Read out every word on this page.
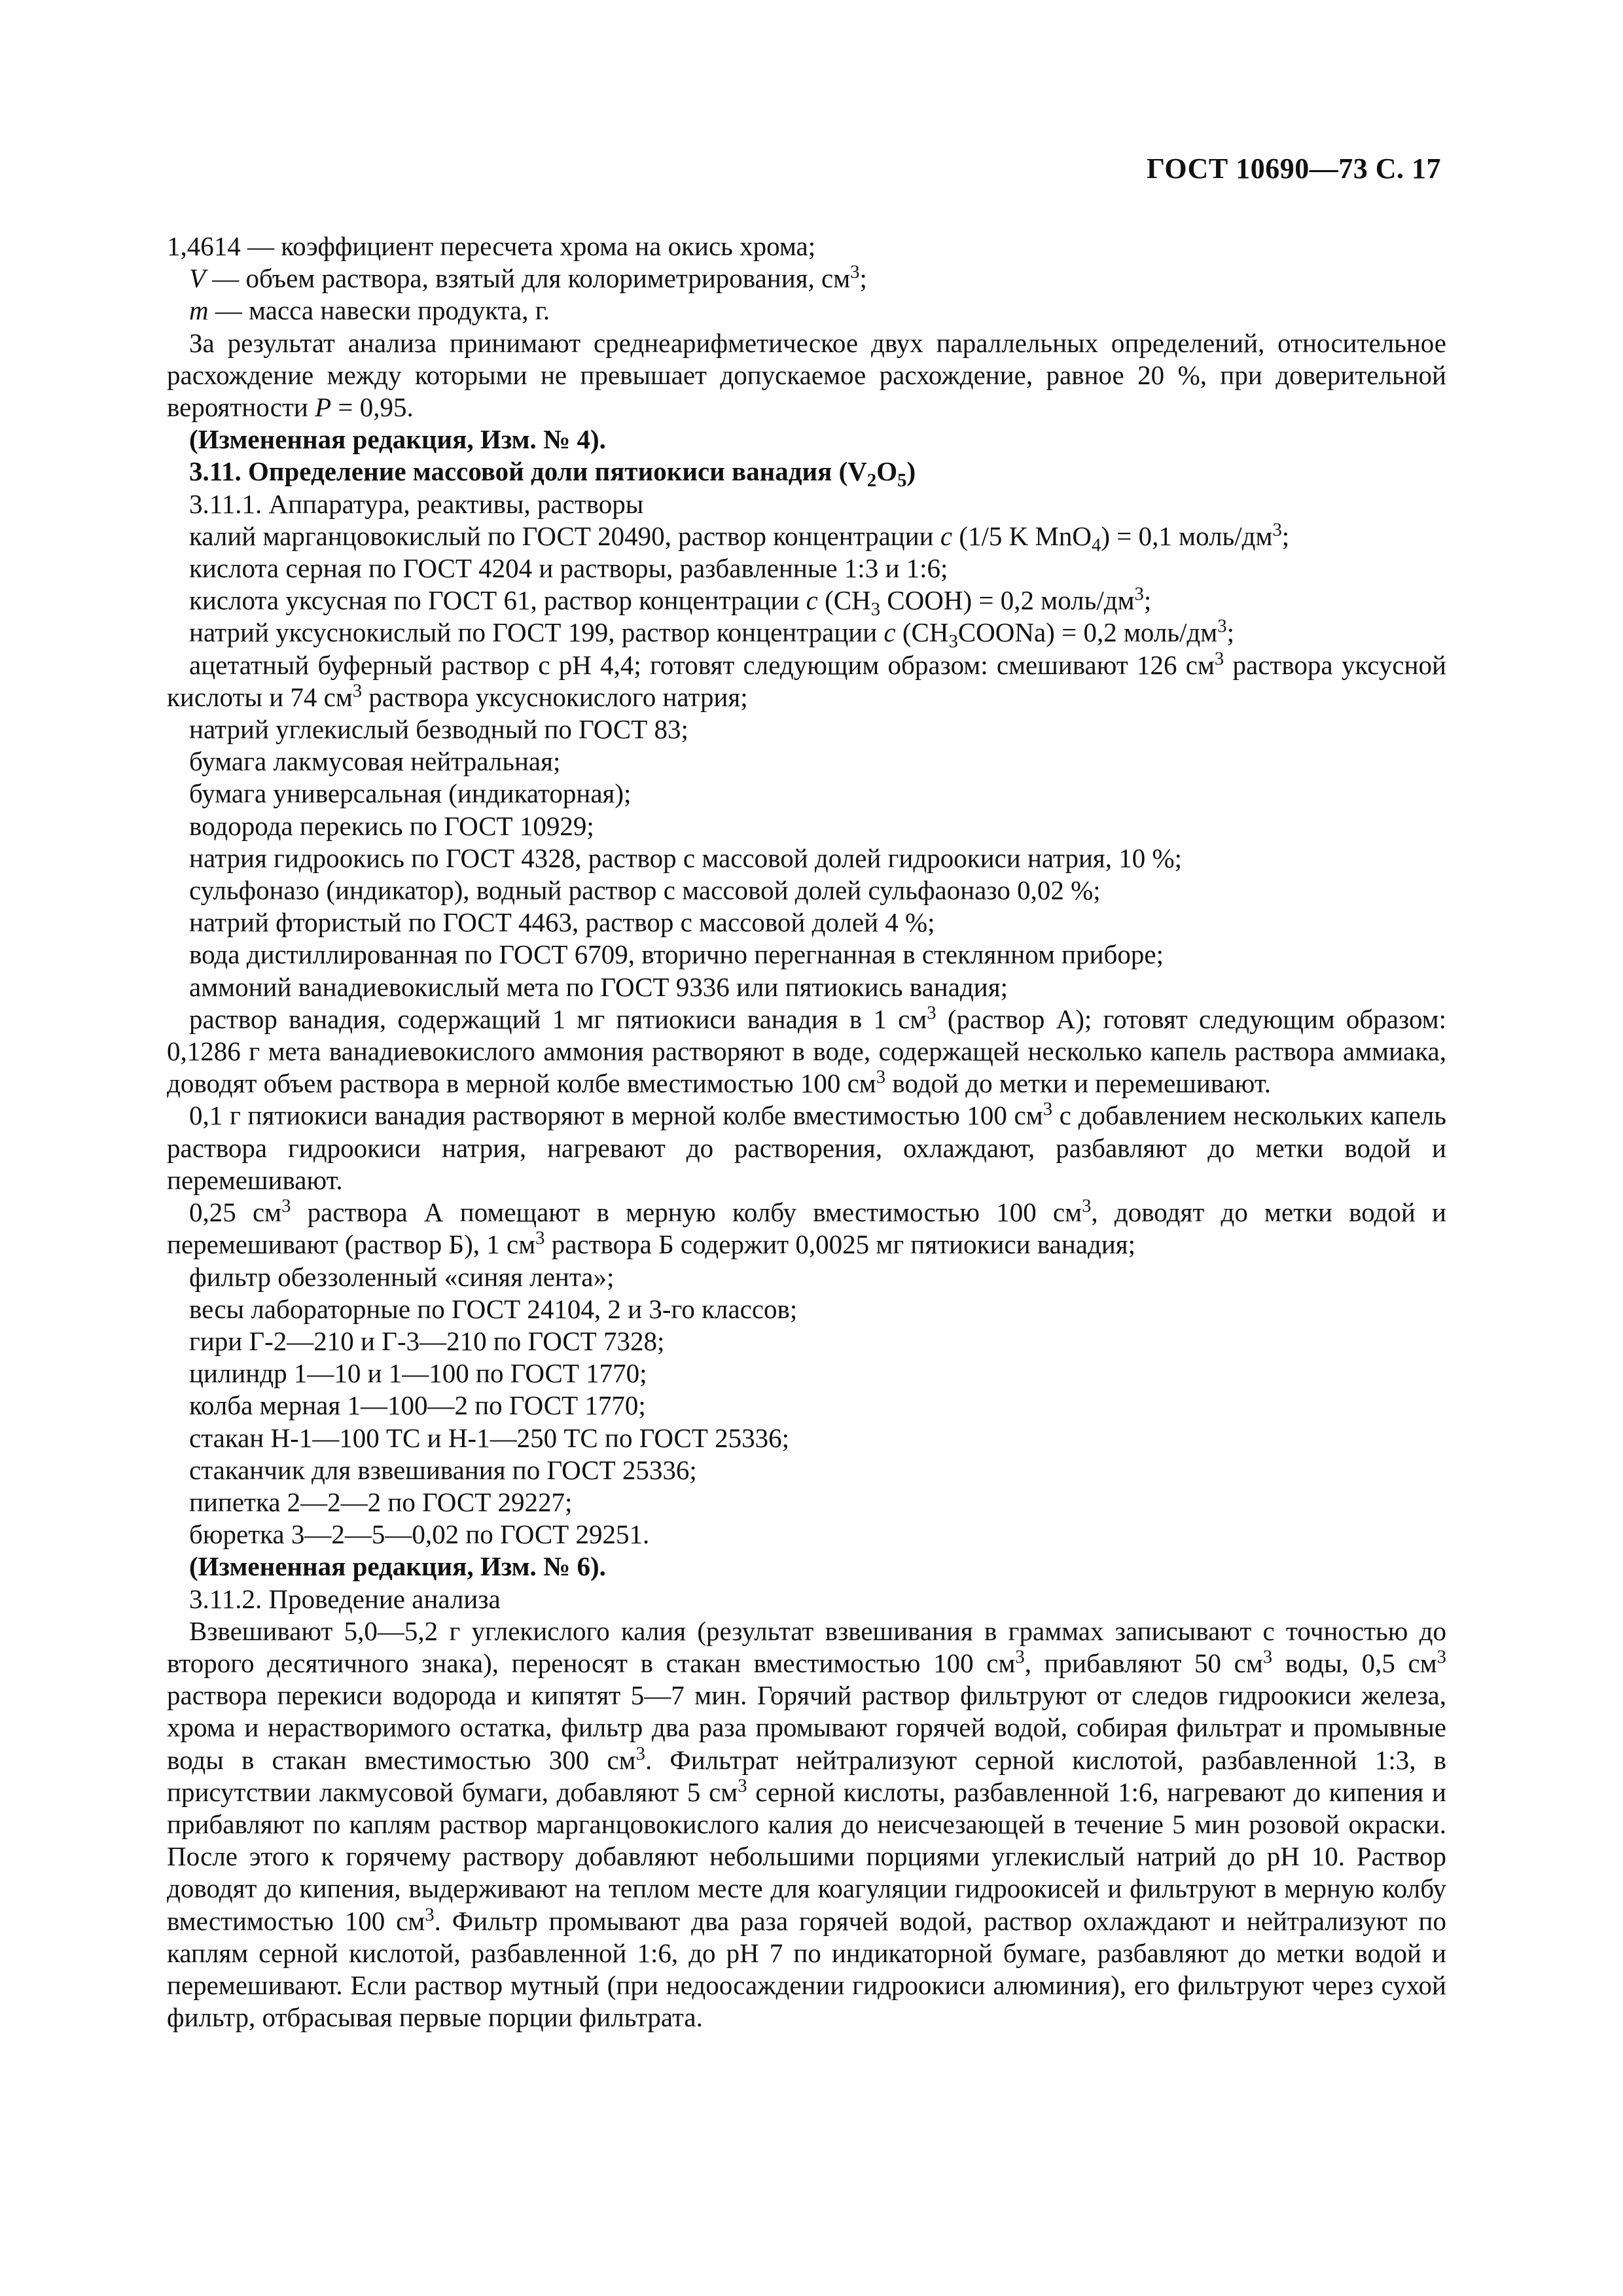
ГОСТ 10690—73 С. 17

1,4614 — коэффициент пересчета хрома на окись хрома;

V — объем раствора, взятый для колориметрирования, $см^3$;

m — масса навески продукта, г.

За результат анализа принимают среднеарифметическое двух параллельных определений, относительное расхождение между которыми не превышает допускаемое расхождение, равное 20 %, при доверительной вероятности P = 0,95.

(Измененная редакция, Изм. № 4).

3.11. Определение массовой доли пятиокиси ванадия $(V_2O_5)$

3.11.1. Аппаратура, реактивы, растворы

калий марганцовокислый по ГОСТ 20490, раствор концентрации c (1/5 K MnO$_4$) = 0,1 моль/$дм^3$;

кислота серная по ГОСТ 4204 и растворы, разбавленные 1:3 и 1:6;

кислота уксусная по ГОСТ 61, раствор концентрации c ($CH_3$ COOH) = 0,2 моль/$дм^3$;

натрий уксуснокислый по ГОСТ 199, раствор концентрации c $(CH_3COONa) = 0,2$ моль/$дм^3$;

ацетатный буферный раствор с pH 4,4; готовят следующим образом: смешивают 126 $см^3$ раствора уксусной кислоты и 74 $см^3$ раствора уксуснокислого натрия;

натрий углекислый безводный по ГОСТ 83;

бумага лакмусовая нейтральная;

бумага универсальная (индикаторная);

водорода перекись по ГОСТ 10929;

натрия гидроокись по ГОСТ 4328, раствор с массовой долей гидроокиси натрия, 10 %;

сульфоназо (индикатор), водный раствор с массовой долей сульфаоназо 0,02 %;

натрий фтористый по ГОСТ 4463, раствор с массовой долей 4 %;

вода дистиллированная по ГОСТ 6709, вторично перегнанная в стеклянном приборе;

аммоний ванадиевокислый мета по ГОСТ 9336 или пятиокись ванадия;

раствор ванадия, содержащий 1 мг пятиокиси ванадия в 1 $см^3$ (раствор А); готовят следующим образом: 0,1286 г мета ванадиевокислого аммония растворяют в воде, содержащей несколько капель раствора аммиака, доводят объем раствора в мерной колбе вместимостью 100 $см^3$ водой до метки и перемешивают.

0,1 г пятиокиси ванадия растворяют в мерной колбе вместимостью 100 $см^3$ с добавлением нескольких капель раствора гидроокиси натрия, нагревают до растворения, охлаждают, разбавляют до метки водой и перемешивают.

0,25 $см^3$ раствора А помещают в мерную колбу вместимостью 100 $см^3$, доводят до метки водой и перемешивают (раствор Б), 1 $см^3$ раствора Б содержит 0,0025 мг пятиокиси ванадия;

фильтр обеззоленный «синяя лента»;

весы лабораторные по ГОСТ 24104, 2 и 3-го классов;

гири Г-2—210 и Г-3—210 по ГОСТ 7328;

цилиндр 1—10 и 1—100 по ГОСТ 1770;

колба мерная 1—100—2 по ГОСТ 1770;

стакан Н-1—100 ТС и Н-1—250 ТС по ГОСТ 25336;

стаканчик для взвешивания по ГОСТ 25336;

пипетка 2—2—2 по ГОСТ 29227;

бюретка 3—2—5—0,02 по ГОСТ 29251.

(Измененная редакция, Изм. № 6).

3.11.2. Проведение анализа

Взвешивают 5,0—5,2 г углекислого калия (результат взвешивания в граммах записывают с точностью до второго десятичного знака), переносят в стакан вместимостью 100 $см^3$, прибавляют 50 $см^3$ воды, 0,5 $см^3$ раствора перекиси водорода и кипятят 5—7 мин. Горячий раствор фильтруют от следов гидроокиси железа, хрома и нерастворимого остатка, фильтр два раза промывают горячей водой, собирая фильтрат и промывные воды в стакан вместимостью 300 $см^3$. Фильтрат нейтрализуют серной кислотой, разбавленной 1:3, в присутствии лакмусовой бумаги, добавляют 5 $см^3$ серной кислоты, разбавленной 1:6, нагревают до кипения и прибавляют по каплям раствор марганцовокислого калия до неисчезающей в течение 5 мин розовой окраски. После этого к горячему раствору добавляют небольшими порциями углекислый натрий до pH 10. Раствор доводят до кипения, выдерживают на теплом месте для коагуляции гидроокисей и фильтруют в мерную колбу вместимостью 100 $см^3$. Фильтр промывают два раза горячей водой, раствор охлаждают и нейтрализуют по каплям серной кислотой, разбавленной 1:6, до pH 7 по индикаторной бумаге, разбавляют до метки водой и перемешивают. Если раствор мутный (при недоосаждении гидроокиси алюминия), его фильтруют через сухой фильтр, отбрасывая первые порции фильтрата.
